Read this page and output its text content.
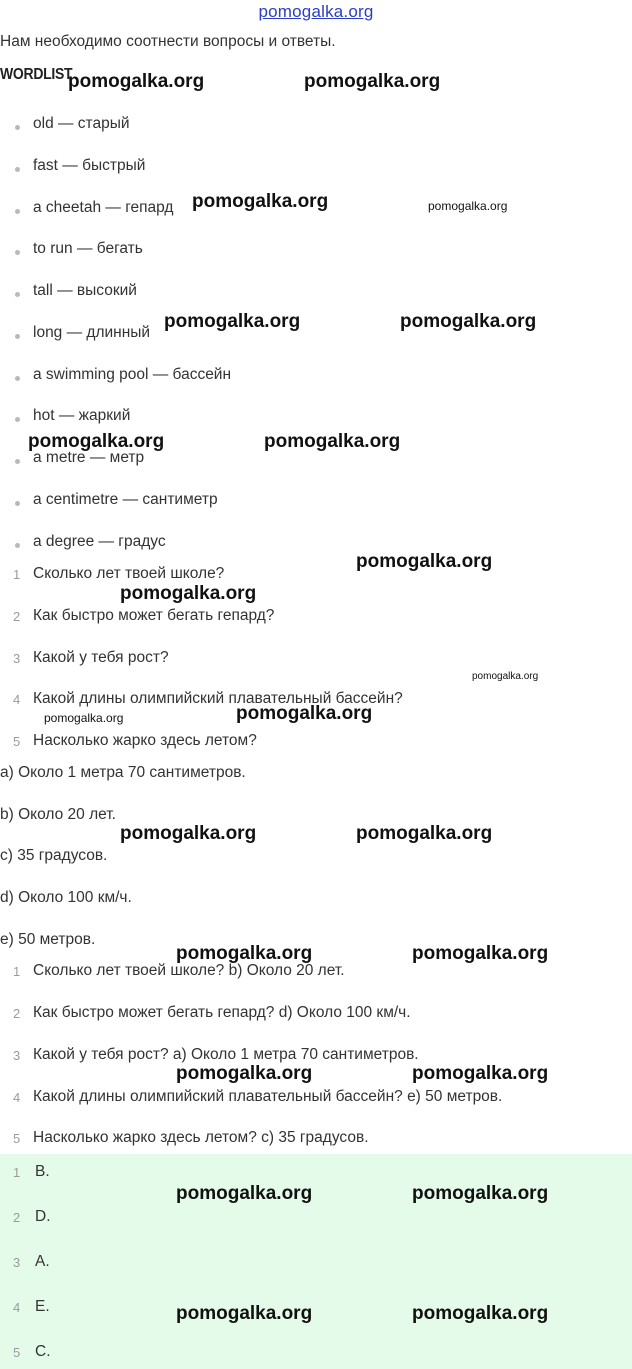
pomogalka.org
Нам необходимо соотнести вопросы и ответы.
WORDLIST
old — старый
fast — быстрый
a cheetah — гепард
to run — бегать
tall — высокий
long — длинный
a swimming pool — бассейн
hot — жаркий
a metre — метр
a centimetre — сантиметр
a degree — градус
1 Сколько лет твоей школе?
2 Как быстро может бегать гепард?
3 Какой у тебя рост?
4 Какой длины олимпийский плавательный бассейн?
5 Насколько жарко здесь летом?
a) Около 1 метра 70 сантиметров.
b) Около 20 лет.
c) 35 градусов.
d) Около 100 км/ч.
e) 50 метров.
1 Сколько лет твоей школе? b) Около 20 лет.
2 Как быстро может бегать гепард? d) Около 100 км/ч.
3 Какой у тебя рост? a) Около 1 метра 70 сантиметров.
4 Какой длины олимпийский плавательный бассейн? e) 50 метров.
5 Насколько жарко здесь летом? c) 35 градусов.
1 B.
2 D.
3 A.
4 E.
5 C.
pomogalka.org	pomogalka.org
pomogalka.org	pomogalka.org
pomogalka.org	pomogalka.org
pomogalka.org	pomogalka.org
pomogalka.org
pomogalka.org
pomogalka.org
pomogalka.org
pomogalka.org
pomogalka.org	pomogalka.org
pomogalka.org	pomogalka.org
pomogalka.org	pomogalka.org
pomogalka.org	pomogalka.org
pomogalka.org	pomogalka.org
